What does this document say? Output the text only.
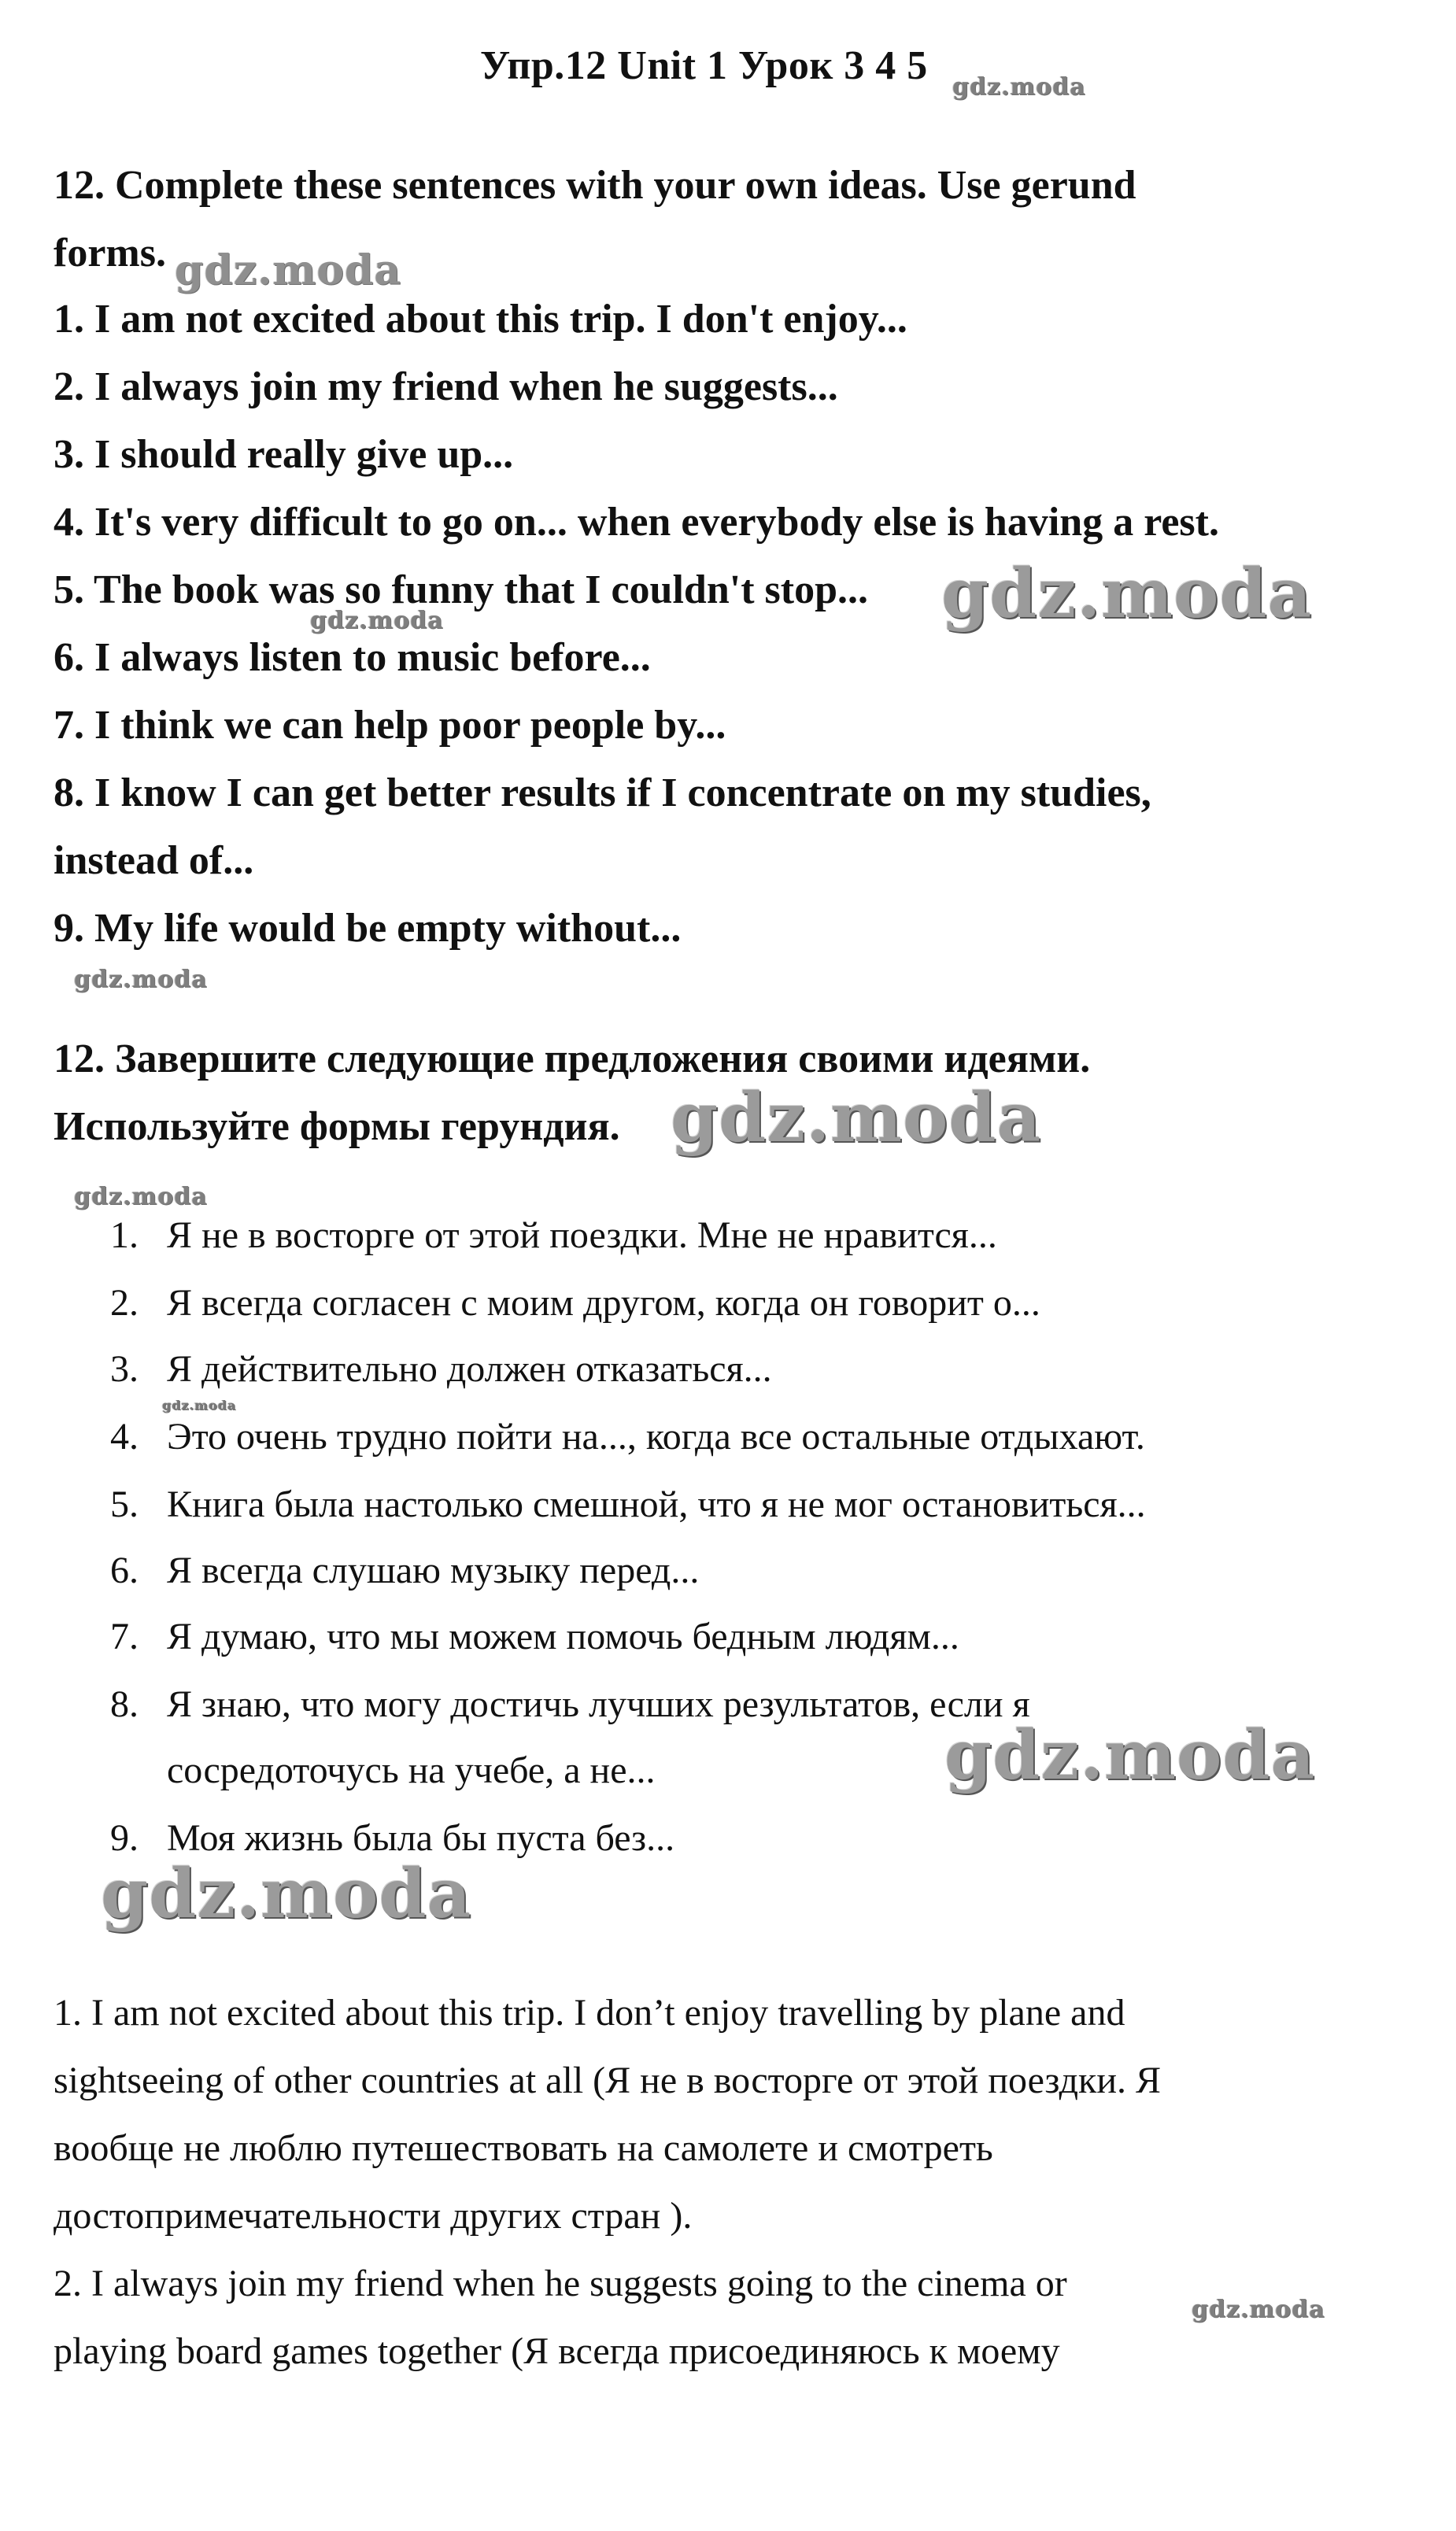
Упр.12 Unit 1 Урок 3 4 5 gdz.moda
12. Complete these sentences with your own ideas. Use gerund
forms. gdz.moda
1. I am not excited about this trip. I don't enjoy...
2. I always join my friend when he suggests...
3. I should really give up...
4. It's very difficult to go on... when everybody else is having a rest.
5. The book was so funny that I couldn't stop... gdz.moda
gdz.moda
6. I always listen to music before...
7. I think we can help poor people by...
8. I know I can get better results if I concentrate on my studies,
instead of...
9. My life would be empty without...
gdz.moda
12. Завершите следующие предложения своими идеями.
Используйте формы герундия. gdz.moda
gdz.moda
1. Я не в восторге от этой поездки. Мне не нравится...
2. Я всегда согласен с моим другом, когда он говорит о...
3. Я действительно должен отказаться...
gdz.moda
4. Это очень трудно пойти на..., когда все остальные отдыхают.
5. Книга была настолько смешной, что я не мог остановиться...
6. Я всегда слушаю музыку перед...
7. Я думаю, что мы можем помочь бедным людям...
8. Я знаю, что могу достичь лучших результатов, если я
сосредоточусь на учебе, а не...	gdz.moda
9. Моя жизнь была бы пуста без...
gdz.moda
1. I am not excited about this trip. I don’t enjoy travelling by plane and
sightseeing of other countries at all (Я не в восторге от этой поездки. Я
вообще не люблю путешествовать на самолете и смотреть
достопримечательности других стран ).
2. I always join my friend when he suggests going to the cinema or
gdz.moda
playing board games together (Я всегда присоединяюсь к моему
